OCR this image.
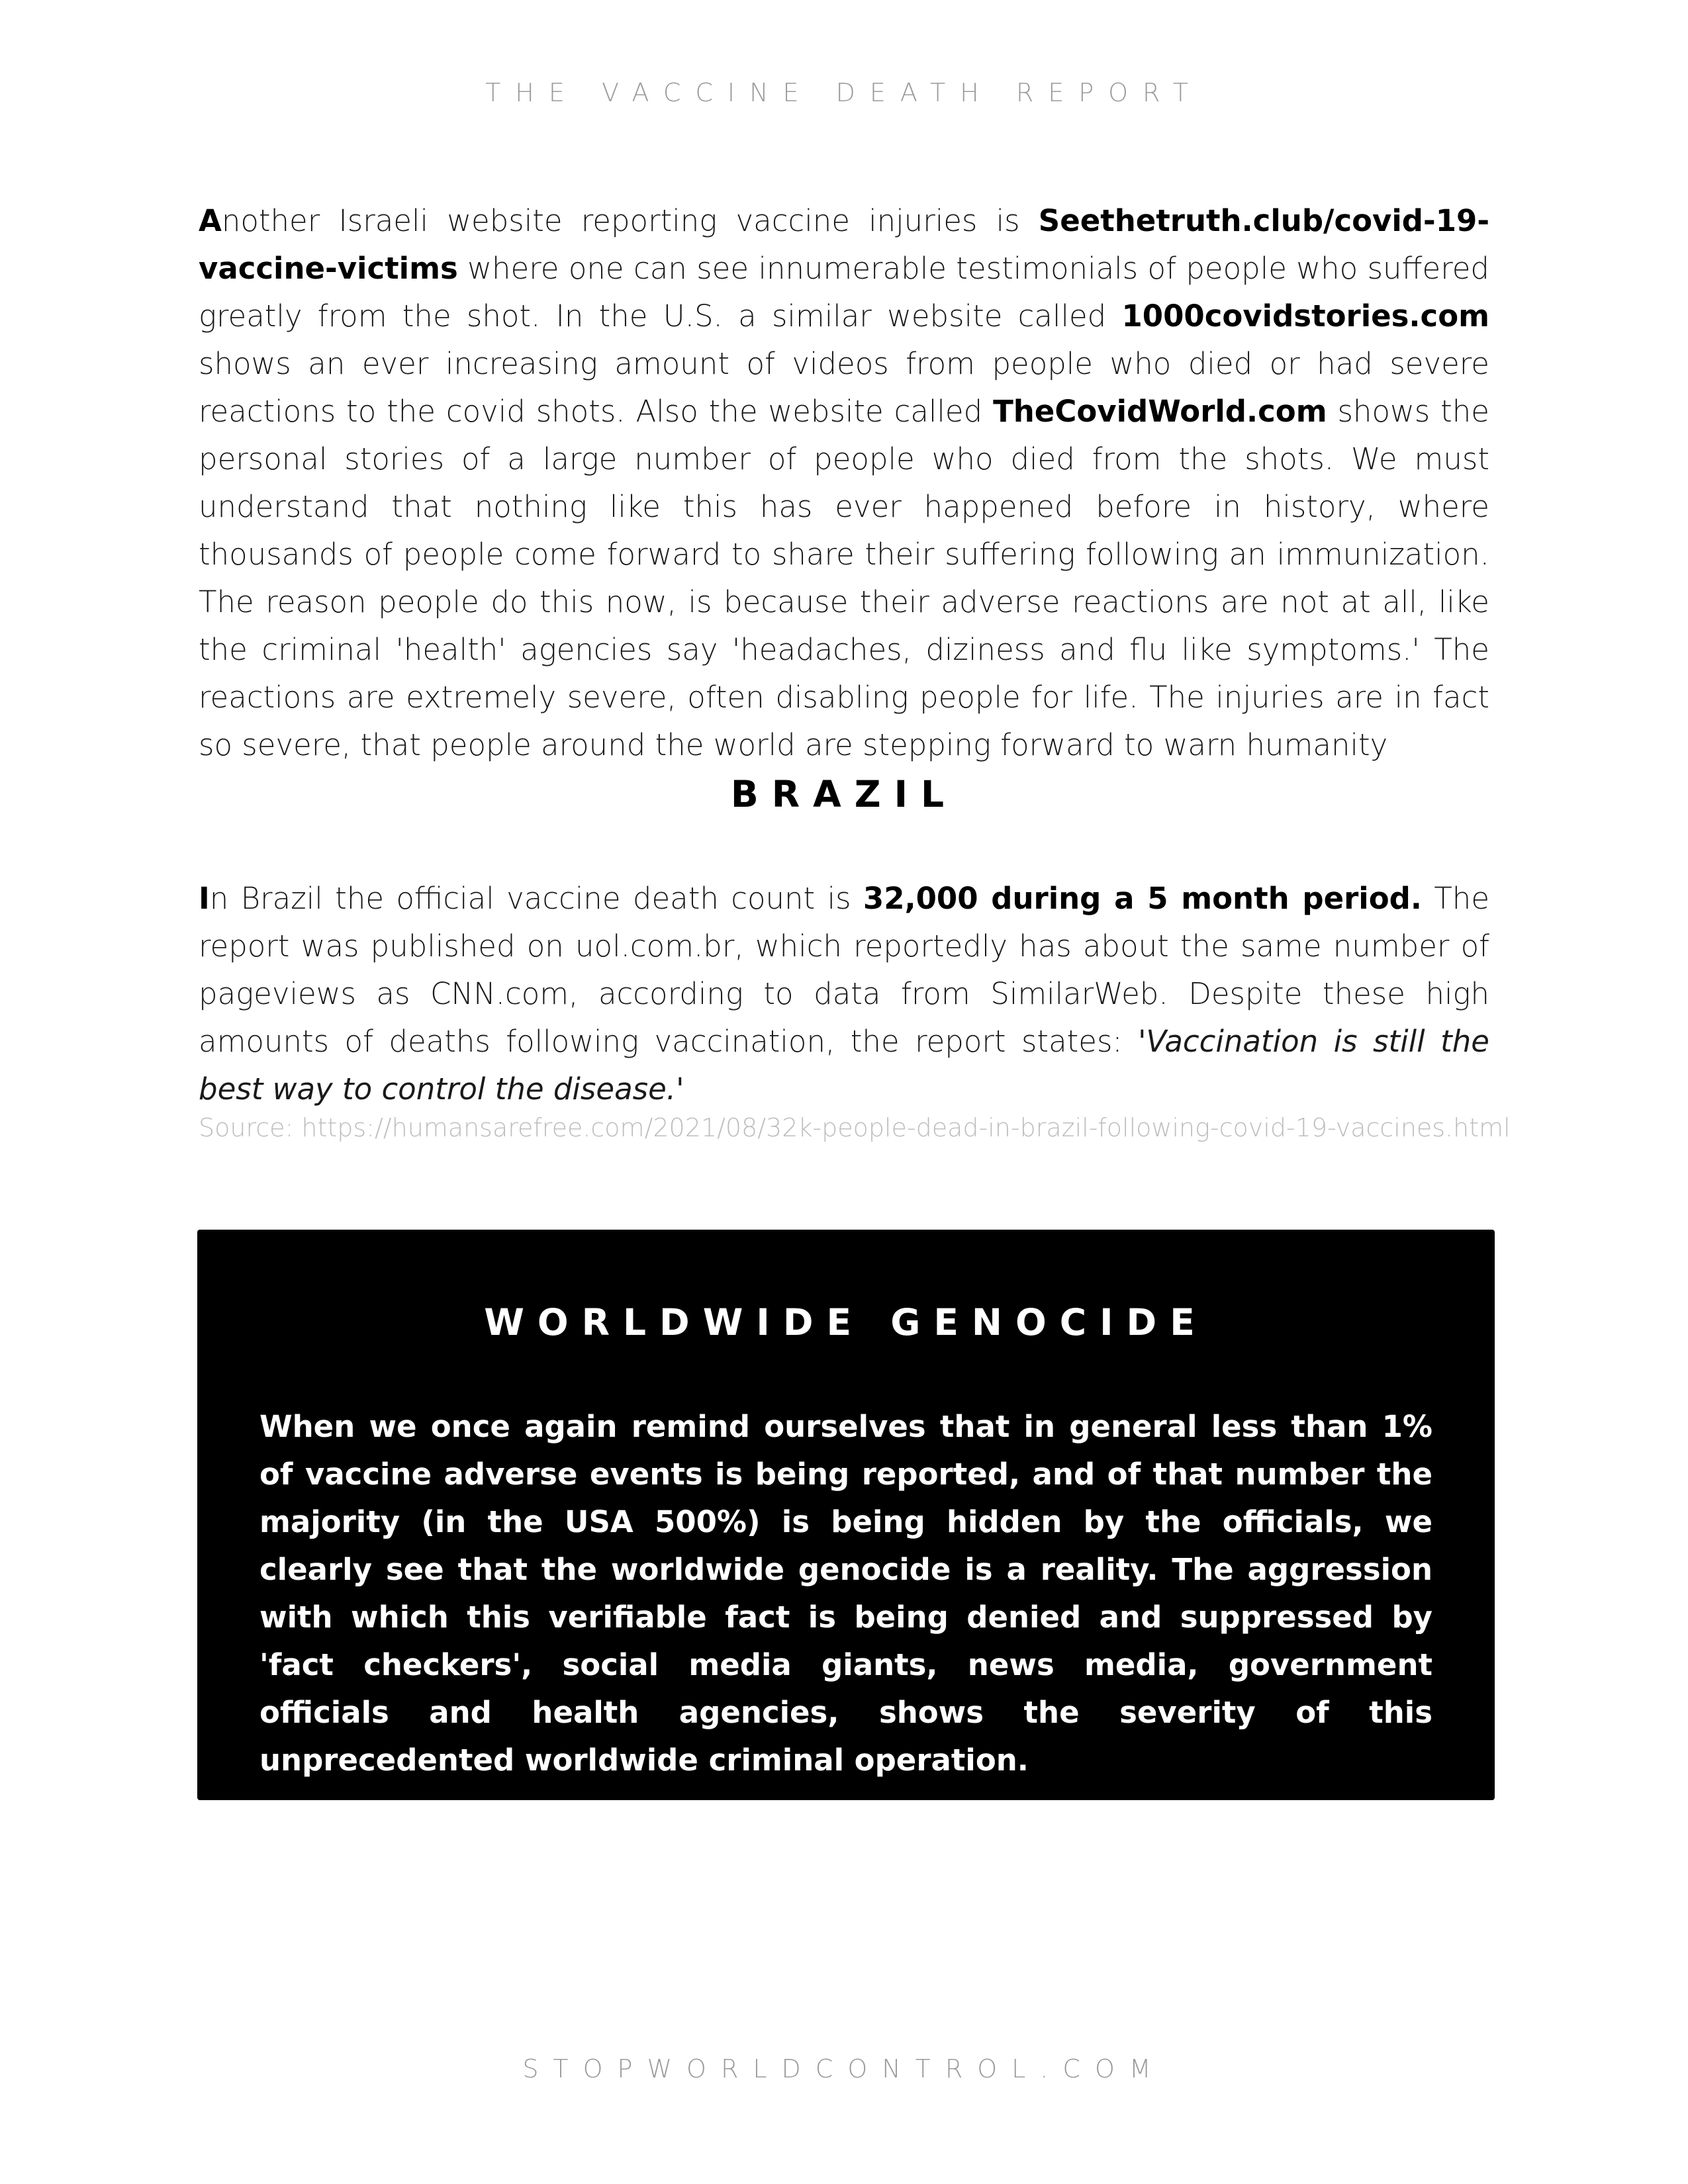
THE VACCINE DEATH REPORT

Another Israeli website reporting vaccine injuries is Seethetruth.club/covid-19-vaccine-victims where one can see innumerable testimonials of people who suffered greatly from the shot. In the U.S. a similar website called 1000covidstories.com shows an ever increasing amount of videos from people who died or had severe reactions to the covid shots. Also the website called TheCovidWorld.com shows the personal stories of a large number of people who died from the shots. We must understand that nothing like this has ever happened before in history, where thousands of people come forward to share their suffering following an immunization. The reason people do this now, is because their adverse reactions are not at all, like the criminal 'health' agencies say 'headaches, diziness and flu like symptoms.' The reactions are extremely severe, often disabling people for life. The injuries are in fact so severe, that people around the world are stepping forward to warn humanity

BRAZIL

In Brazil the official vaccine death count is 32,000 during a 5 month period. The report was published on uol.com.br, which reportedly has about the same number of pageviews as CNN.com, according to data from SimilarWeb. Despite these high amounts of deaths following vaccination, the report states: 'Vaccination is still the best way to control the disease.'

Source: https://humansarefree.com/2021/08/32k-people-dead-in-brazil-following-covid-19-vaccines.html
WORLDWIDE GENOCIDE

When we once again remind ourselves that in general less than 1% of vaccine adverse events is being reported, and of that number the majority (in the USA 500%) is being hidden by the officials, we clearly see that the worldwide genocide is a reality. The aggression with which this verifiable fact is being denied and suppressed by 'fact checkers', social media giants, news media, government officials and health agencies, shows the severity of this unprecedented worldwide criminal operation.

STOPWORLDCONTROL.COM
